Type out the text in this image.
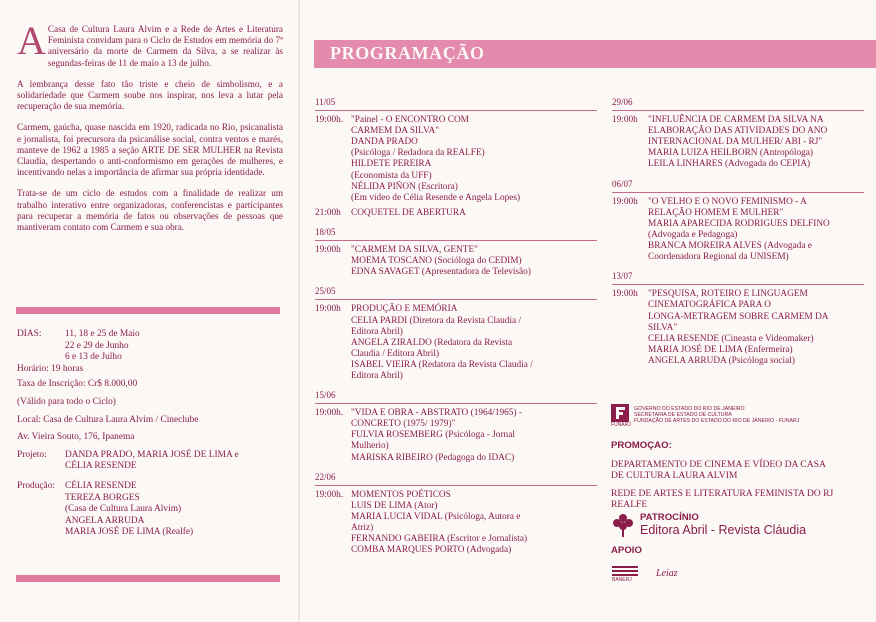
A Casa de Cultura Laura Alvim e a Rede de Artes e Literatura Feminista convidam para o Ciclo de Estudos em memória do 7º aniversário da morte de Carmem da Silva, a se realizar às segundas-feiras de 11 de maio a 13 de julho.
A lembrança desse fato tão triste e cheio de simbolismo, e a solidariedade que Carmem soube nos inspirar, nos leva a lutar pela recuperação de sua memória.
Carmem, gaúcha, quase nascida em 1920, radicada no Rio, psicanalista e jornalista, foi precursora da psicanálise social, contra ventos e marés, manteve de 1962 a 1985 a seção ARTE DE SER MULHER na Revista Claudia, despertando o anti-conformismo em gerações de mulheres, e incentivando nelas a importância de afirmar sua própria identidade.
Trata-se de um ciclo de estudos com a finalidade de realizar um trabalho interativo entre organizadoras, conferencistas e participantes para recuperar a memória de fatos ou observações de pessoas que mantiveram contato com Carmem e sua obra.
DIAS:	11, 18 e 25 de Maio
22 e 29 de Junho
6 e 13 de Julho
Horário: 19 horas
Taxa de Inscrição: Cr$ 8.000,00
(Válido para todo o Ciclo)
Local: Casa de Cultura Laura Alvim / Cineclube
Av. Vieira Souto, 176, Ipanema
Projeto:	DANDA PRADO, MARIA JOSÉ DE LIMA e
CÉLIA RESENDE
Produção:	CÉLIA RESENDE
TEREZA BORGES
(Casa de Cultura Laura Alvim)
ANGELA ARRUDA
MARIA JOSÉ DE LIMA (Realfe)
PROGRAMAÇÃO
11/05
19:00h. "Painel - O ENCONTRO COM
CARMEM DA SILVA"
DANDA PRADO
(Psicóloga / Redadora da REALFE)
HILDETE PEREIRA
(Economista da UFF)
NÉLIDA PIÑON (Escritora)
(Em vídeo de Célia Resende e Angela Lopes)
21:00h	COQUETEL DE ABERTURA
18/05
19:00h	"CARMEM DA SILVA, GENTE"
MOEMA TOSCANO (Socióloga do CEDIM)
EDNA SAVAGET (Apresentadora de Televisão)
25/05
19:00h	PRODUÇÃO E MEMÓRIA
CELIA PARDI (Diretora da Revista Claudia /
Editora Abril)
ANGELA ZIRALDO (Redatora da Revista
Claudia / Editora Abril)
ISABEL VIEIRA (Redatora da Revista Claudia /
Editora Abril)
15/06
19:00h. "VIDA E OBRA - ABSTRATO (1964/1965) -
CONCRETO (1975/ 1979)"
FULVIA ROSEMBERG (Psicóloga - Jornal
Mulherio)
MARISKA RIBEIRO (Pedagoga do IDAC)
22/06
19:00h. MOMENTOS POÉTICOS
LUIS DE LIMA (Ator)
MARIA LUCIA VIDAL (Psicóloga, Autora e
Atriz)
FERNANDO GABEIRA (Escritor e Jornalista)
COMBA MARQUES PORTO (Advogada)
29/06
19:00h	"INFLUÊNCIA DE CARMEM DA SILVA NA
ELABORAÇÃO DAS ATIVIDADES DO ANO
INTERNACIONAL DA MULHER/ ABI - RJ"
MARIA LUIZA HEILBORN (Antropóloga)
LEILA LINHARES (Advogada do CEPIA)
06/07
19:00h	"O VELHO E O NOVO FEMINISMO - A
RELAÇÃO HOMEM E MULHER"
MARIA APARECIDA RODRIGUES DELFINO
(Advogada e Pedagoga)
BRANCA MOREIRA ALVES (Advogada e
Coordenadora Regional da UNISEM)
13/07
19:00h	"PESQUISA, ROTEIRO E LINGUAGEM
CINEMATOGRÁFICA PARA O
LONGA-METRAGEM SOBRE CARMEM DA
SILVA"
CELIA RESENDE (Cineasta e Videomaker)
MARIA JOSÉ DE LIMA (Enfermeira)
ANGELA ARRUDA (Psicóloga social)
GOVERNO DO ESTADO DO RIO DE JANEIRO
SECRETARIA DE ESTADO DE CULTURA
FUNDAÇÃO DE ARTES DO ESTADO DO RIO DE JANEIRO - FUNARJ
FUNARJ
PROMOÇAO:
DEPARTAMENTO DE CINEMA E VÍDEO DA CASA
DE CULTURA LAURA ALVIM
REDE DE ARTES E LITERATURA FEMINISTA DO RJ
REALFE
PATROCÍNIO
Editora Abril - Revista Cláudia
APOIO
BANERJ
Leiaz
